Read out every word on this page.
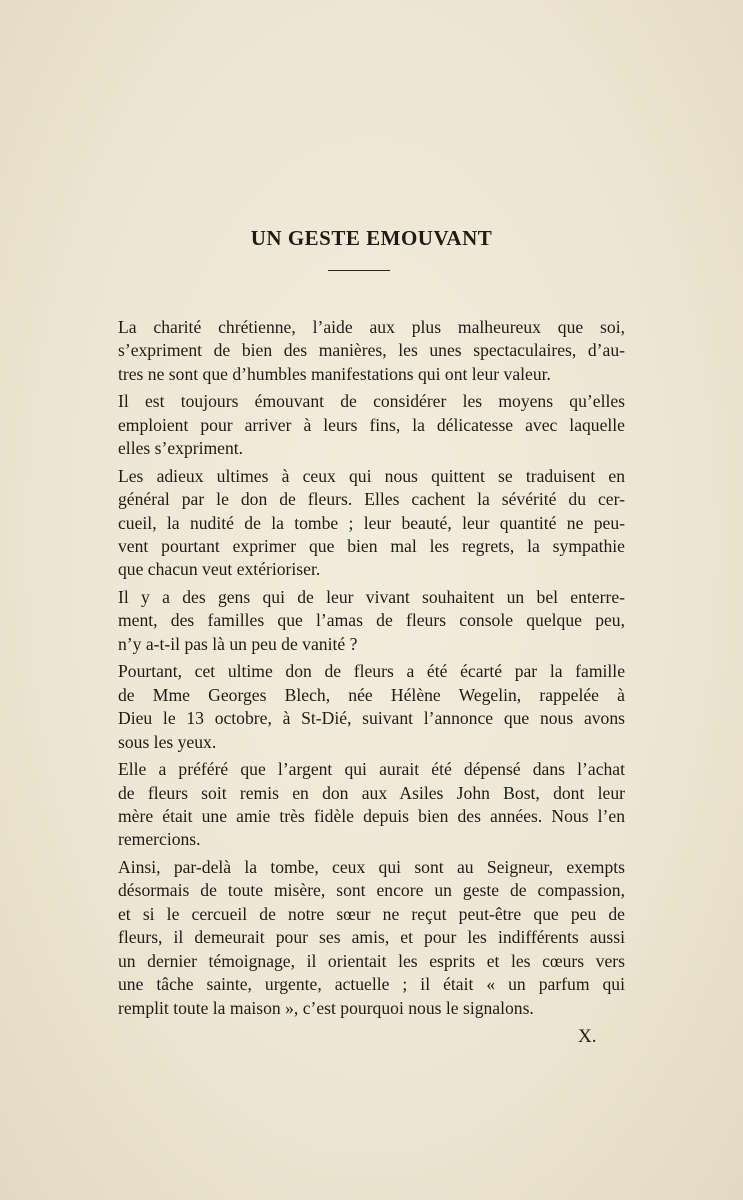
UN GESTE EMOUVANT
La charité chrétienne, l’aide aux plus malheureux que soi,
s’expriment de bien des manières, les unes spectaculaires, d’au-
tres ne sont que d’humbles manifestations qui ont leur valeur.
Il est toujours émouvant de considérer les moyens qu’elles
emploient pour arriver à leurs fins, la délicatesse avec laquelle
elles s’expriment.
Les adieux ultimes à ceux qui nous quittent se traduisent en
général par le don de fleurs. Elles cachent la sévérité du cer-
cueil, la nudité de la tombe ; leur beauté, leur quantité ne peu-
vent pourtant exprimer que bien mal les regrets, la sympathie
que chacun veut extérioriser.
Il y a des gens qui de leur vivant souhaitent un bel enterre-
ment, des familles que l’amas de fleurs console quelque peu,
n’y a-t-il pas là un peu de vanité ?
Pourtant, cet ultime don de fleurs a été écarté par la famille
de Mme Georges Blech, née Hélène Wegelin, rappelée à
Dieu le 13 octobre, à St-Dié, suivant l’annonce que nous avons
sous les yeux.
Elle a préféré que l’argent qui aurait été dépensé dans l’achat
de fleurs soit remis en don aux Asiles John Bost, dont leur
mère était une amie très fidèle depuis bien des années. Nous l’en
remercions.
Ainsi, par-delà la tombe, ceux qui sont au Seigneur, exempts
désormais de toute misère, sont encore un geste de compassion,
et si le cercueil de notre sœur ne reçut peut-être que peu de
fleurs, il demeurait pour ses amis, et pour les indifférents aussi
un dernier témoignage, il orientait les esprits et les cœurs vers
une tâche sainte, urgente, actuelle ; il était « un parfum qui
remplit toute la maison », c’est pourquoi nous le signalons.
X.
